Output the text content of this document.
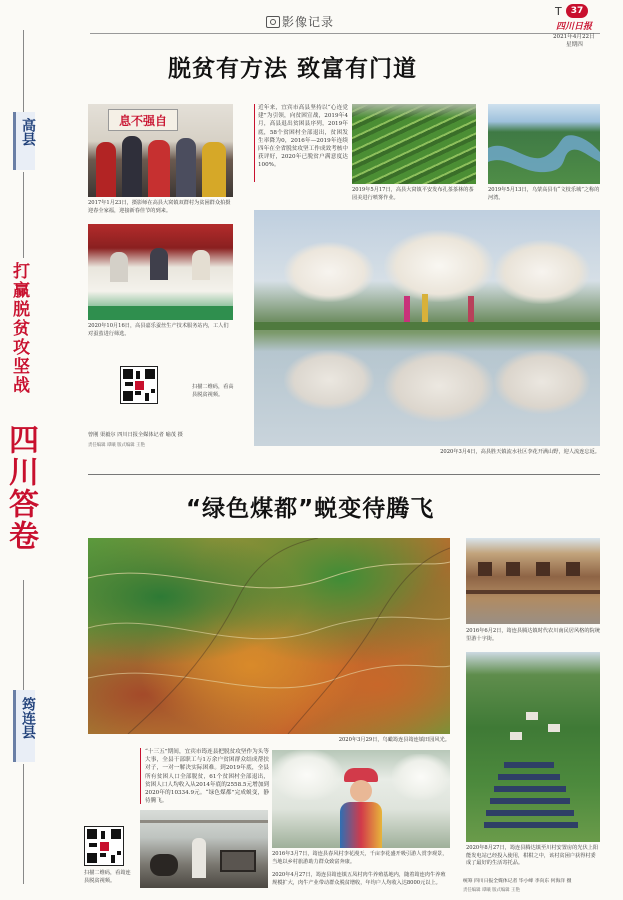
影像记录
T	37
四川日报
2021年4月22日
星期四
高县
打赢脱贫攻坚战
四川答卷
筠连县
脱贫有方法 致富有门道
息不强自
2017年1月23日，摄影师在高县大窝镇双群村为贫困群众拍摄迎春全家福，迎接新春佳节的到来。
2020年10月16日，高县嘉乐蚕丝生产技术服务站内，工人们对蚕茧进行筛选。
近年来，宜宾市高县坚持以“心连党建”为引领，向贫困宣战，2019年4月，高县退出贫困县序列，2019年底，58个贫困村全部退出，贫困发生率降为0，2016年—2019年连续四年在全省脱贫攻坚工作成效考核中获评好，2020年已脱贫户满意度达100%。
2019年5月17日，高县大窝镇平安发布孔茶茶林的茶园美进行喷雾作业。
2019年5月13日，乌蒙高县有“文枝乐城”之称的河湾。
2020年3月4日，高县胜天镇流水社区李花开满山野，迎人流连忘返。
扫描二维码，看高县脱贫视频。
曾刚 渠毅尔 四川日报全媒体记者 喻茂 摄
责任编辑 谭曦 版式编辑 王艳
“绿色煤都”蜕变待腾飞
2020年3月29日，鸟瞰筠连县筠连镇田园风光。
2016年6月2日，筠连县腾达镇时代农川南民居风格的院统里游十字街。
2020年8月27日，筠连县腾达镇至川村安置房的光伏上阳能发电站已经投入使用，柑柑之中，该村贫困户获得村委成了最好的生活寄托品。
“十三五”期间，宜宾市筠连县把脱贫攻坚作为头等大事，全县干部职工与1万余户贫困群众结成帮扶对子，一对一解决实际困难。到2019年底，全县所有贫困人口全部脱贫，61个贫困村全部退出，贫困人口人均收入从2014年底的2558.5元增加到2020年的10334.9元。“绿色煤都”完成蜕变，静待腾飞。
2016年3月7日，筠连县春风村李花漫天，千亩李花盛开吸引游人赏李观景，当地以乡村旅游助力群众致富奔康。
2020年4月27日，筠连县筠连镇五凤村肉牛养殖基地内，随着筠连肉牛养殖规模扩大，肉牛产业带动群众脱贫增收，年均户人均收入达8000元以上。
扫描二维码，看筠连县脱贫视频。	统筹 四川日报全媒体记者 毕小峰 李向东 何海洋 摄
责任编辑 谭曦 版式编辑 王艳
